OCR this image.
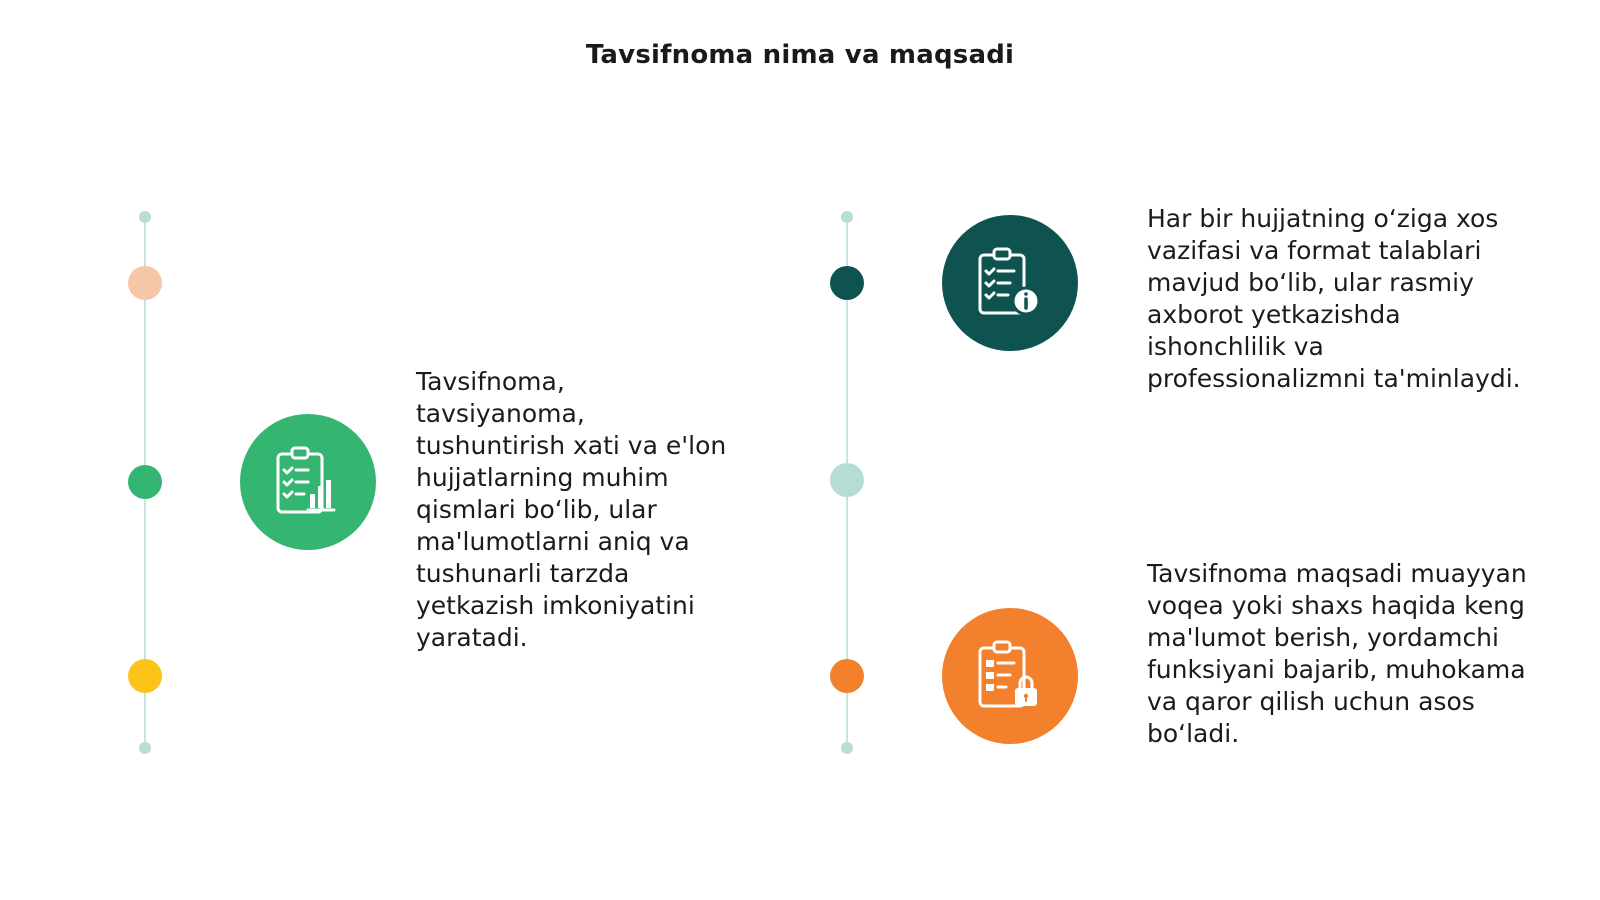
Tavsifnoma nima va maqsadi
Tavsifnoma, tavsiyanoma, tushuntirish xati va e'lon hujjatlarning muhim qismlari bo‘lib, ular ma'lumotlarni aniq va tushunarli tarzda yetkazish imkoniyatini yaratadi.
Har bir hujjatning o‘ziga xos vazifasi va format talablari mavjud bo‘lib, ular rasmiy axborot yetkazishda ishonchlilik va professionalizmni ta'minlaydi.
Tavsifnoma maqsadi muayyan voqea yoki shaxs haqida keng ma'lumot berish, yordamchi funksiyani bajarib, muhokama va qaror qilish uchun asos bo‘ladi.
